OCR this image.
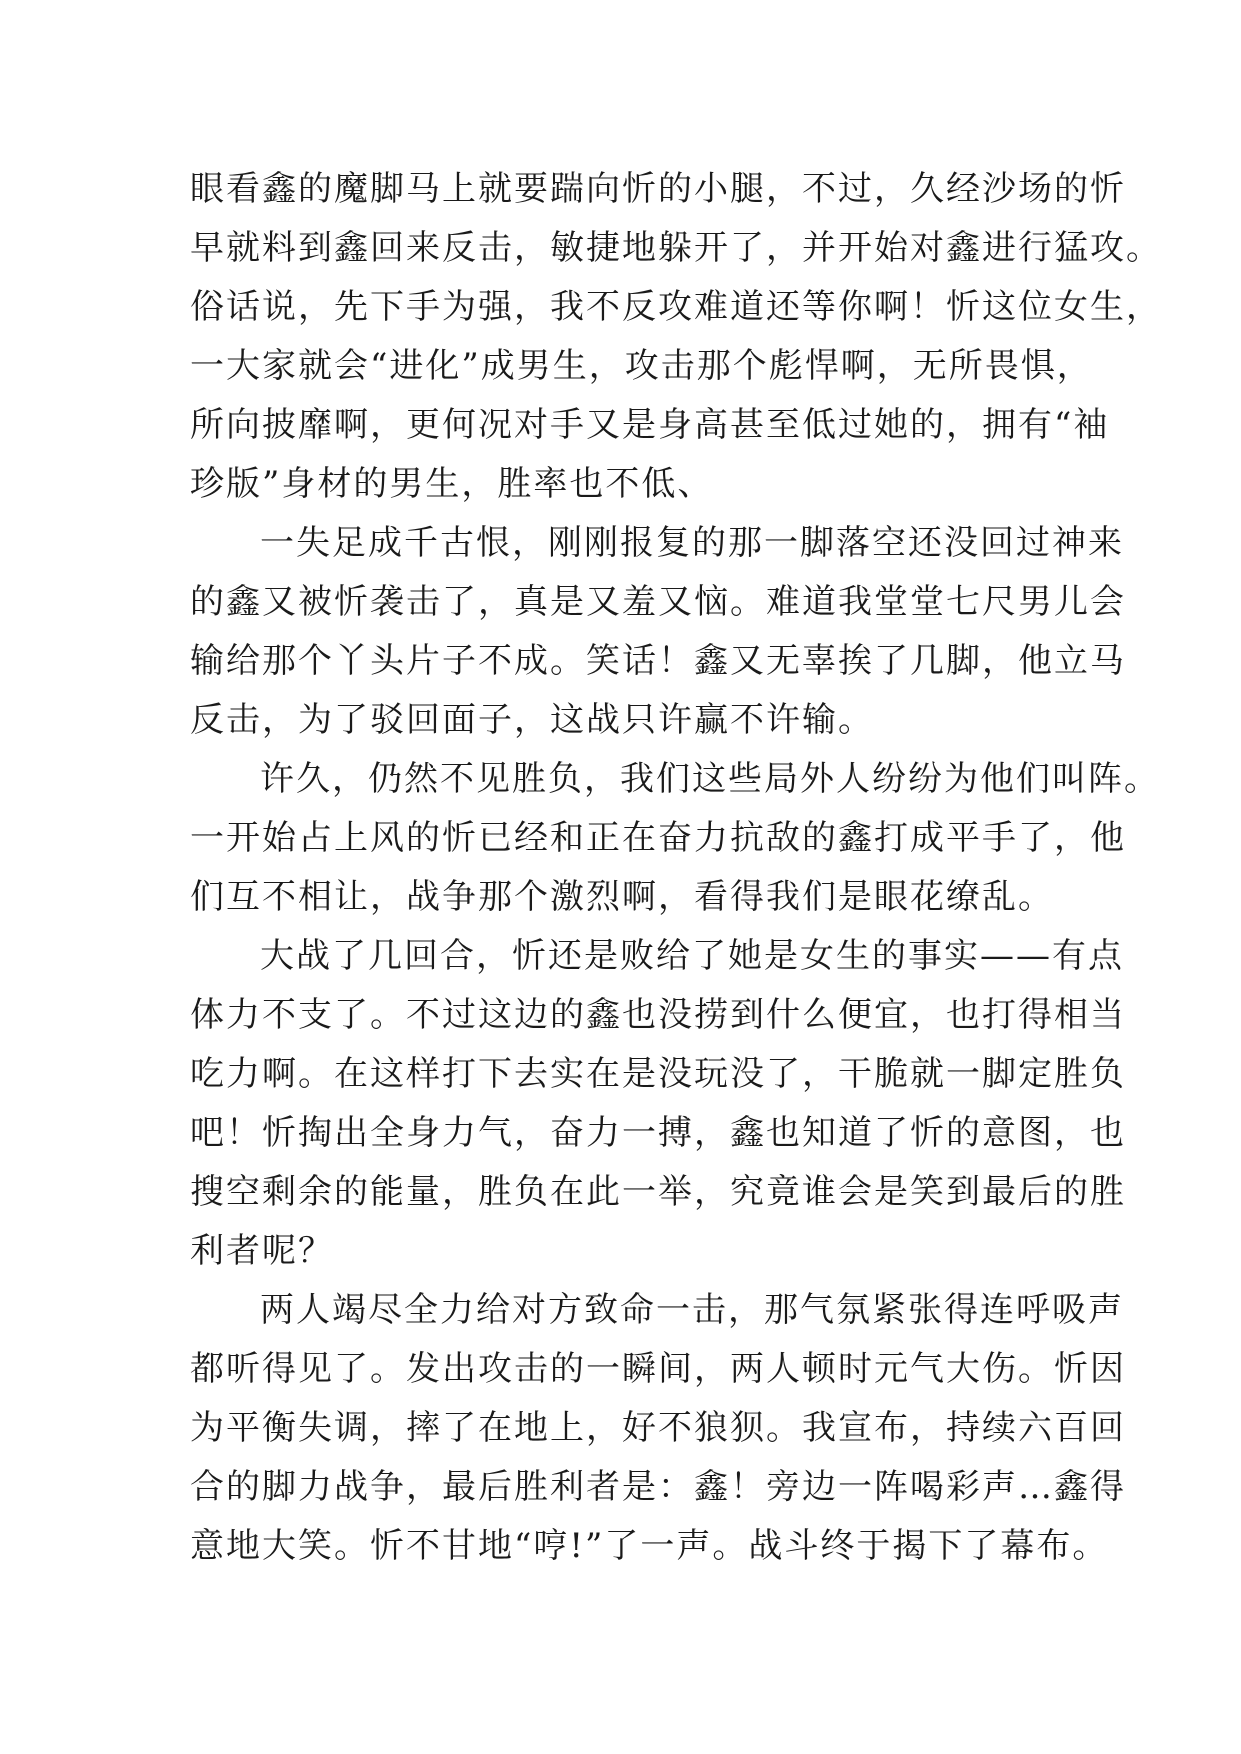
眼看鑫的魔脚马上就要踹向忻的小腿，不过，久经沙场的忻
早就料到鑫回来反击，敏捷地躲开了，并开始对鑫进行猛攻。
俗话说，先下手为强，我不反攻难道还等你啊！忻这位女生，
一大家就会“进化”成男生，攻击那个彪悍啊，无所畏惧，
所向披靡啊，更何况对手又是身高甚至低过她的，拥有“袖
珍版”身材的男生，胜率也不低、
一失足成千古恨，刚刚报复的那一脚落空还没回过神来
的鑫又被忻袭击了，真是又羞又恼。难道我堂堂七尺男儿会
输给那个丫头片子不成。笑话！鑫又无辜挨了几脚，他立马
反击，为了驳回面子，这战只许赢不许输。
许久，仍然不见胜负，我们这些局外人纷纷为他们叫阵。
一开始占上风的忻已经和正在奋力抗敌的鑫打成平手了，他
们互不相让，战争那个激烈啊，看得我们是眼花缭乱。
大战了几回合，忻还是败给了她是女生的事实——有点
体力不支了。不过这边的鑫也没捞到什么便宜，也打得相当
吃力啊。在这样打下去实在是没玩没了，干脆就一脚定胜负
吧！忻掏出全身力气，奋力一搏，鑫也知道了忻的意图，也
搜空剩余的能量，胜负在此一举，究竟谁会是笑到最后的胜
利者呢？
两人竭尽全力给对方致命一击，那气氛紧张得连呼吸声
都听得见了。发出攻击的一瞬间，两人顿时元气大伤。忻因
为平衡失调，摔了在地上，好不狼狈。我宣布，持续六百回
合的脚力战争，最后胜利者是：鑫！旁边一阵喝彩声…鑫得
意地大笑。忻不甘地“哼!”了一声。战斗终于揭下了幕布。
